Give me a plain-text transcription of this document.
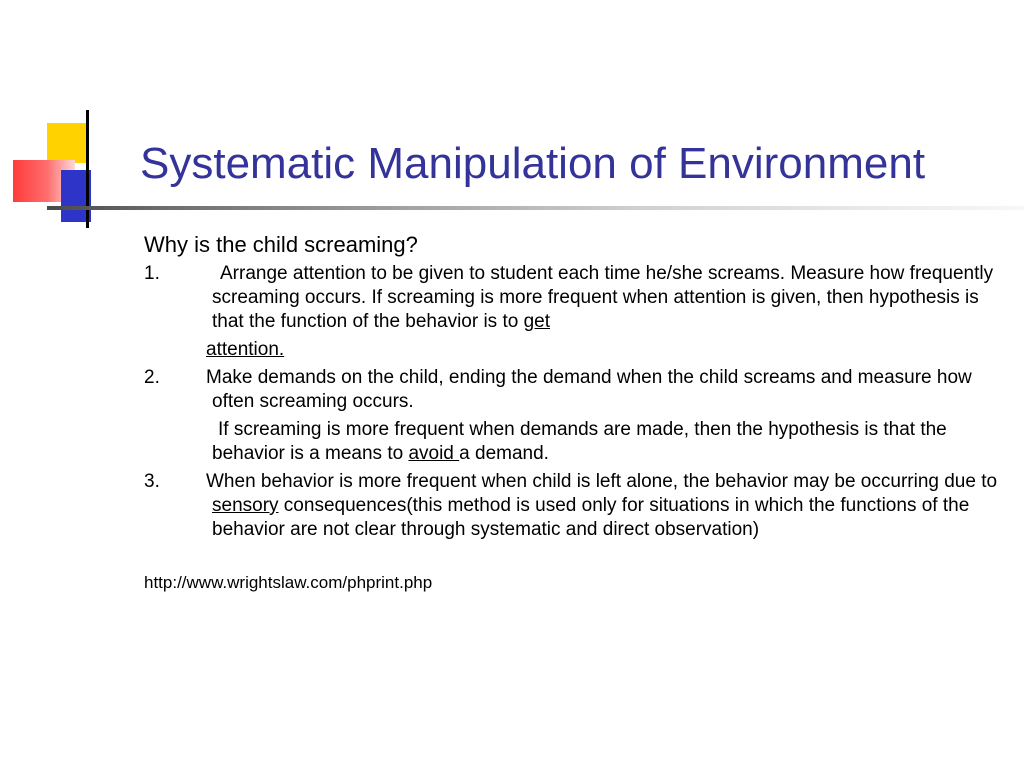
Systematic Manipulation of Environment

Why is the child screaming?

1.	Arrange attention to be given to student each time he/she screams. Measure how frequently screaming occurs. If screaming is more frequent when attention is given, then hypothesis is that the function of the behavior is to get

attention.

2. Make demands on the child, ending the demand when the child screams and measure how often screaming occurs.

If screaming is more frequent when demands are made, then the hypothesis is that the behavior is a means to avoid a demand.

3. When behavior is more frequent when child is left alone, the behavior may be occurring due to sensory consequences(this method is used only for situations in which the functions of the behavior are not clear through systematic and direct observation)

http://www.wrightslaw.com/phprint.php
